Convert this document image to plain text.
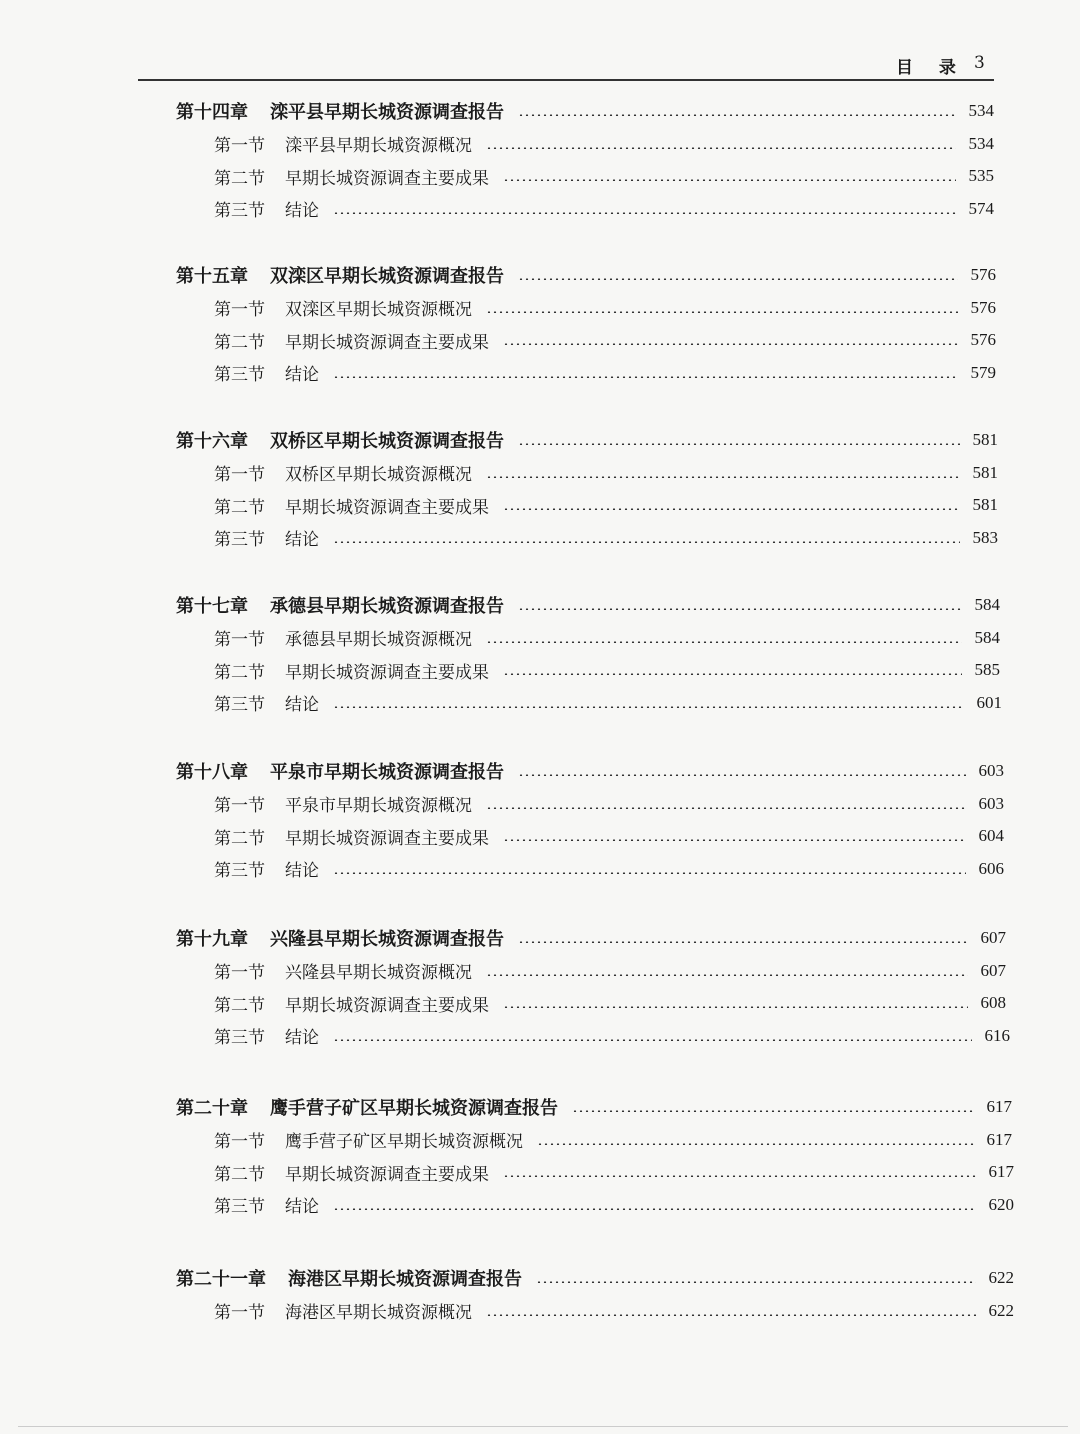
目 录 3
第十四章 滦平县早期长城资源调查报告	534
第一节 滦平县早期长城资源概况	534
第二节 早期长城资源调查主要成果	535
第三节 结论	574
第十五章 双滦区早期长城资源调查报告	576
第一节 双滦区早期长城资源概况	576
第二节 早期长城资源调查主要成果	576
第三节 结论	579
第十六章 双桥区早期长城资源调查报告	581
第一节 双桥区早期长城资源概况	581
第二节 早期长城资源调查主要成果	581
第三节 结论	583
第十七章 承德县早期长城资源调查报告	584
第一节 承德县早期长城资源概况	584
第二节 早期长城资源调查主要成果	585
第三节 结论	601
第十八章 平泉市早期长城资源调查报告	603
第一节 平泉市早期长城资源概况	603
第二节 早期长城资源调查主要成果	604
第三节 结论	606
第十九章 兴隆县早期长城资源调查报告	607
第一节 兴隆县早期长城资源概况	607
第二节 早期长城资源调查主要成果	608
第三节 结论	616
第二十章 鹰手营子矿区早期长城资源调查报告	617
第一节 鹰手营子矿区早期长城资源概况	617
第二节 早期长城资源调查主要成果	617
第三节 结论	620
第二十一章 海港区早期长城资源调查报告	622
第一节 海港区早期长城资源概况	622
